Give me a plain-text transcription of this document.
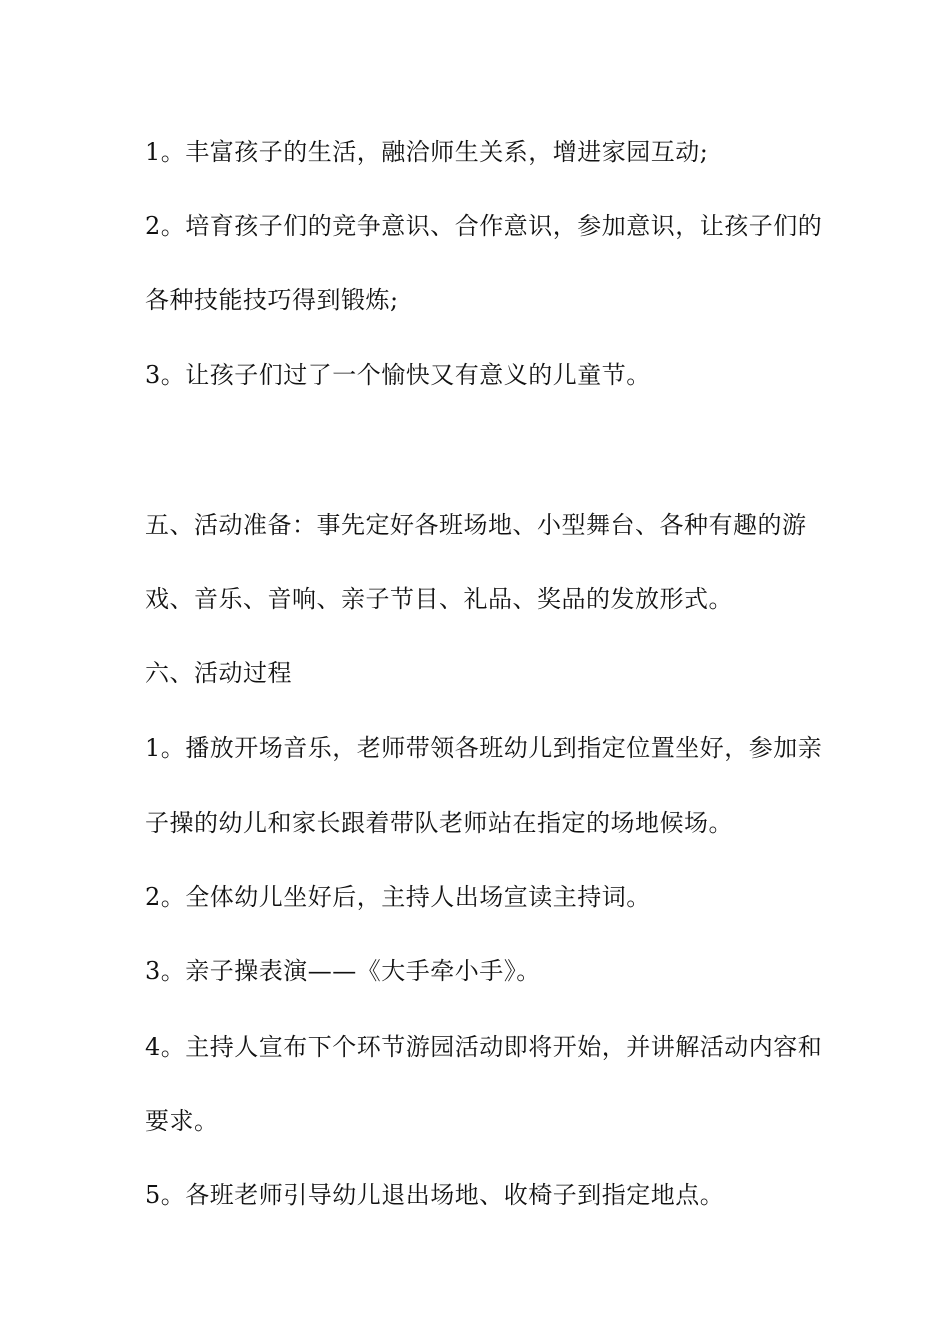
1。丰富孩子的生活，融洽师生关系，增进家园互动;
2。培育孩子们的竞争意识、合作意识，参加意识，让孩子们的
各种技能技巧得到锻炼;
3。让孩子们过了一个愉快又有意义的儿童节。
五、活动准备：事先定好各班场地、小型舞台、各种有趣的游
戏、音乐、音响、亲子节目、礼品、奖品的发放形式。
六、活动过程
1。播放开场音乐，老师带领各班幼儿到指定位置坐好，参加亲
子操的幼儿和家长跟着带队老师站在指定的场地候场。
2。全体幼儿坐好后，主持人出场宣读主持词。
3。亲子操表演——《大手牵小手》。
4。主持人宣布下个环节游园活动即将开始，并讲解活动内容和
要求。
5。各班老师引导幼儿退出场地、收椅子到指定地点。
